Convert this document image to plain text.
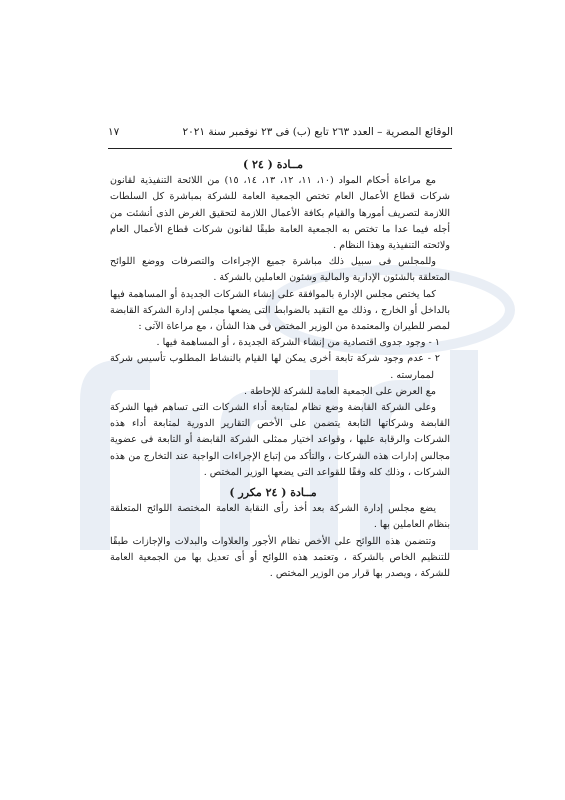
الوقائع المصرية – العدد ٢٦٣ تابع (ب) فى ٢٣ نوفمبر سنة ٢٠٢١
١٧

مــادة ( ٢٤ )

مع مراعاة أحكام المواد (١٠، ١١، ١٢، ١٣، ١٤، ١٥) من اللائحة التنفيذية لقانون شركات قطاع الأعمال العام تختص الجمعية العامة للشركة بمباشرة كل السلطات اللازمة لتصريف أمورها والقيام بكافة الأعمال اللازمة لتحقيق الغرض الذى أنشئت من أجله فيما عدا ما تختص به الجمعية العامة طبقًا لقانون شركات قطاع الأعمال العام ولائحته التنفيذية وهذا النظام .

وللمجلس فى سبيل ذلك مباشرة جميع الإجراءات والتصرفات ووضع اللوائح المتعلقة بالشئون الإدارية والمالية وشئون العاملين بالشركة .

كما يختص مجلس الإدارة بالموافقة على إنشاء الشركات الجديدة أو المساهمة فيها بالداخل أو الخارج ، وذلك مع التقيد بالضوابط التى يضعها مجلس إدارة الشركة القابضة لمصر للطيران والمعتمدة من الوزير المختص فى هذا الشأن ، مع مراعاة الآتى :

١ - وجود جدوى اقتصادية من إنشاء الشركة الجديدة ، أو المساهمة فيها .

٢ - عدم وجود شركة تابعة أخرى يمكن لها القيام بالنشاط المطلوب تأسيس شركة لممارسته .

مع العرض على الجمعية العامة للشركة للإحاطة .

وعلى الشركة القابضة وضع نظام لمتابعة أداء الشركات التى تساهم فيها الشركة القابضة وشركاتها التابعة يتضمن على الأخص التقارير الدورية لمتابعة أداء هذه الشركات والرقابة عليها ، وقواعد اختيار ممثلى الشركة القابضة أو التابعة فى عضوية مجالس إدارات هذه الشركات ، والتأكد من إتباع الإجراءات الواجبة عند التخارج من هذه الشركات ، وذلك كله وفقًا للقواعد التى يضعها الوزير المختص .

مــادة ( ٢٤ مكرر )

يضع مجلس إدارة الشركة بعد أخذ رأى النقابة العامة المختصة اللوائح المتعلقة بنظام العاملين بها .

وتتضمن هذه اللوائح على الأخص نظام الأجور والعلاوات والبدلات والإجازات طبقًا للتنظيم الخاص بالشركة ، وتعتمد هذه اللوائح أو أى تعديل بها من الجمعية العامة للشركة ، ويصدر بها قرار من الوزير المختص .
